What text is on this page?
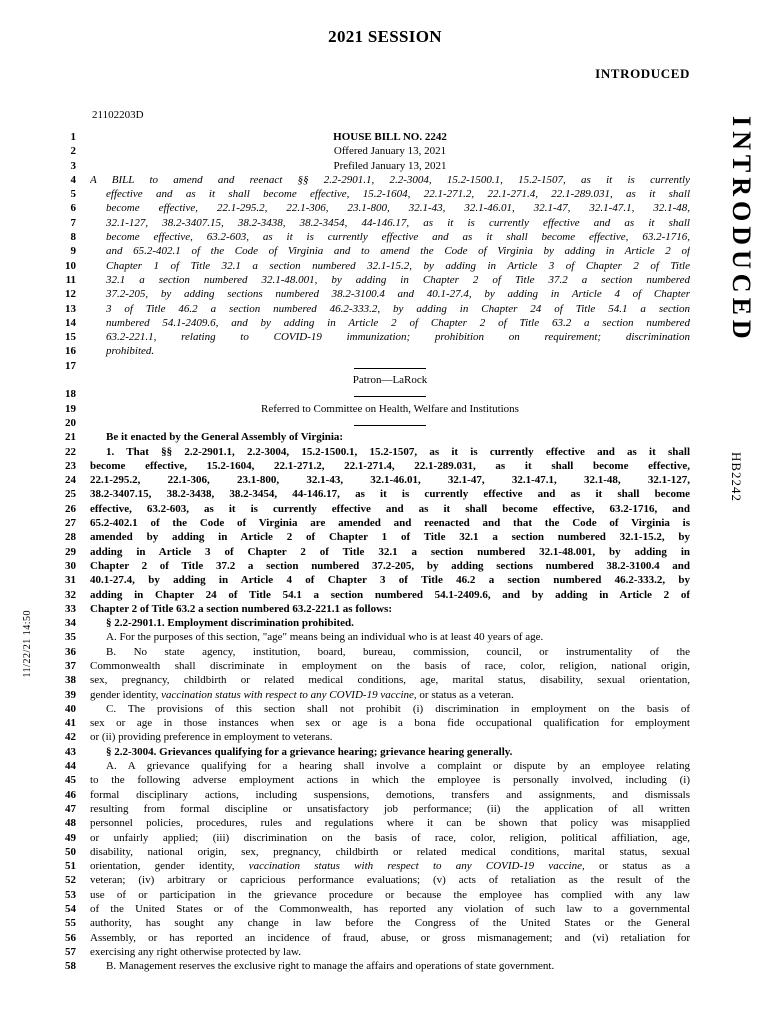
2021 SESSION
INTRODUCED
21102203D
1	HOUSE BILL NO. 2242
2	Offered January 13, 2021
3	Prefiled January 13, 2021
4 A BILL to amend and reenact §§ 2.2-2901.1, 2.2-3004, 15.2-1500.1, 15.2-1507, as it is currently
5	effective and as it shall become effective, 15.2-1604, 22.1-271.2, 22.1-271.4, 22.1-289.031, as it shall
6	become effective, 22.1-295.2, 22.1-306, 23.1-800, 32.1-43, 32.1-46.01, 32.1-47, 32.1-47.1, 32.1-48,
7	32.1-127, 38.2-3407.15, 38.2-3438, 38.2-3454, 44-146.17, as it is currently effective and as it shall
8	become effective, 63.2-603, as it is currently effective and as it shall become effective, 63.2-1716,
9	and 65.2-402.1 of the Code of Virginia and to amend the Code of Virginia by adding in Article 2 of
10	Chapter 1 of Title 32.1 a section numbered 32.1-15.2, by adding in Article 3 of Chapter 2 of Title
11	32.1 a section numbered 32.1-48.001, by adding in Chapter 2 of Title 37.2 a section numbered
12	37.2-205, by adding sections numbered 38.2-3100.4 and 40.1-27.4, by adding in Article 4 of Chapter
13	3 of Title 46.2 a section numbered 46.2-333.2, by adding in Chapter 24 of Title 54.1 a section
14	numbered 54.1-2409.6, and by adding in Article 2 of Chapter 2 of Title 63.2 a section numbered
15	63.2-221.1, relating to COVID-19 immunization; prohibition on requirement; discrimination
16	prohibited.
17
Patron—LaRock
18
19	Referred to Committee on Health, Welfare and Institutions
20
21	Be it enacted by the General Assembly of Virginia:
22	1. That §§ 2.2-2901.1, 2.2-3004, 15.2-1500.1, 15.2-1507, as it is currently effective and as it shall
23 become effective, 15.2-1604, 22.1-271.2, 22.1-271.4, 22.1-289.031, as it shall become effective,
24 22.1-295.2, 22.1-306, 23.1-800, 32.1-43, 32.1-46.01, 32.1-47, 32.1-47.1, 32.1-48, 32.1-127,
25 38.2-3407.15, 38.2-3438, 38.2-3454, 44-146.17, as it is currently effective and as it shall become
26 effective, 63.2-603, as it is currently effective and as it shall become effective, 63.2-1716, and
27 65.2-402.1 of the Code of Virginia are amended and reenacted and that the Code of Virginia is
28 amended by adding in Article 2 of Chapter 1 of Title 32.1 a section numbered 32.1-15.2, by
29 adding in Article 3 of Chapter 2 of Title 32.1 a section numbered 32.1-48.001, by adding in
30 Chapter 2 of Title 37.2 a section numbered 37.2-205, by adding sections numbered 38.2-3100.4 and
31 40.1-27.4, by adding in Article 4 of Chapter 3 of Title 46.2 a section numbered 46.2-333.2, by
32 adding in Chapter 24 of Title 54.1 a section numbered 54.1-2409.6, and by adding in Article 2 of
33 Chapter 2 of Title 63.2 a section numbered 63.2-221.1 as follows:
34	§ 2.2-2901.1. Employment discrimination prohibited.
35	A. For the purposes of this section, "age" means being an individual who is at least 40 years of age.
36	B. No state agency, institution, board, bureau, commission, council, or instrumentality of the
37 Commonwealth shall discriminate in employment on the basis of race, color, religion, national origin,
38 sex, pregnancy, childbirth or related medical conditions, age, marital status, disability, sexual orientation,
39 gender identity, vaccination status with respect to any COVID-19 vaccine, or status as a veteran.
40	C. The provisions of this section shall not prohibit (i) discrimination in employment on the basis of
41 sex or age in those instances when sex or age is a bona fide occupational qualification for employment
42 or (ii) providing preference in employment to veterans.
43	§ 2.2-3004. Grievances qualifying for a grievance hearing; grievance hearing generally.
44	A. A grievance qualifying for a hearing shall involve a complaint or dispute by an employee relating
45 to the following adverse employment actions in which the employee is personally involved, including (i)
46 formal disciplinary actions, including suspensions, demotions, transfers and assignments, and dismissals
47 resulting from formal discipline or unsatisfactory job performance; (ii) the application of all written
48 personnel policies, procedures, rules and regulations where it can be shown that policy was misapplied
49 or unfairly applied; (iii) discrimination on the basis of race, color, religion, political affiliation, age,
50 disability, national origin, sex, pregnancy, childbirth or related medical conditions, marital status, sexual
51 orientation, gender identity, vaccination status with respect to any COVID-19 vaccine, or status as a
52 veteran; (iv) arbitrary or capricious performance evaluations; (v) acts of retaliation as the result of the
53 use of or participation in the grievance procedure or because the employee has complied with any law
54 of the United States or of the Commonwealth, has reported any violation of such law to a governmental
55 authority, has sought any change in law before the Congress of the United States or the General
56 Assembly, or has reported an incidence of fraud, abuse, or gross mismanagement; and (vi) retaliation for
57 exercising any right otherwise protected by law.
58	B. Management reserves the exclusive right to manage the affairs and operations of state government.
INTRODUCED
HB2242
11/22/21 14:50
